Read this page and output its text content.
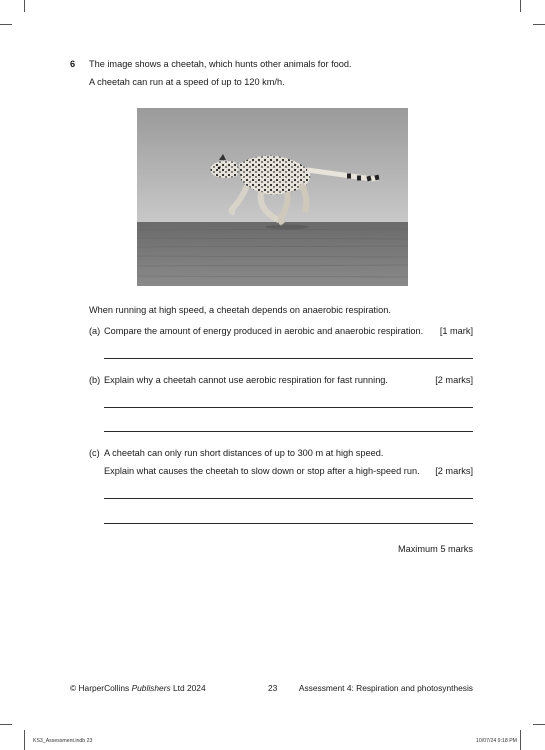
6 The image shows a cheetah, which hunts other animals for food.
A cheetah can run at a speed of up to 120 km/h.
When running at high speed, a cheetah depends on anaerobic respiration.
(a) Compare the amount of energy produced in aerobic and anaerobic respiration. [1 mark]
(b) Explain why a cheetah cannot use aerobic respiration for fast running.	[2 marks]
(c) A cheetah can only run short distances of up to 300 m at high speed.
Explain what causes the cheetah to slow down or stop after a high-speed run. [2 marks]
Maximum 5 marks
© HarperCollins Publishers Ltd 2024	23	Assessment 4: Respiration and photosynthesis
KS3_Assessment.indb 23	10/07/24 9:18 PM
